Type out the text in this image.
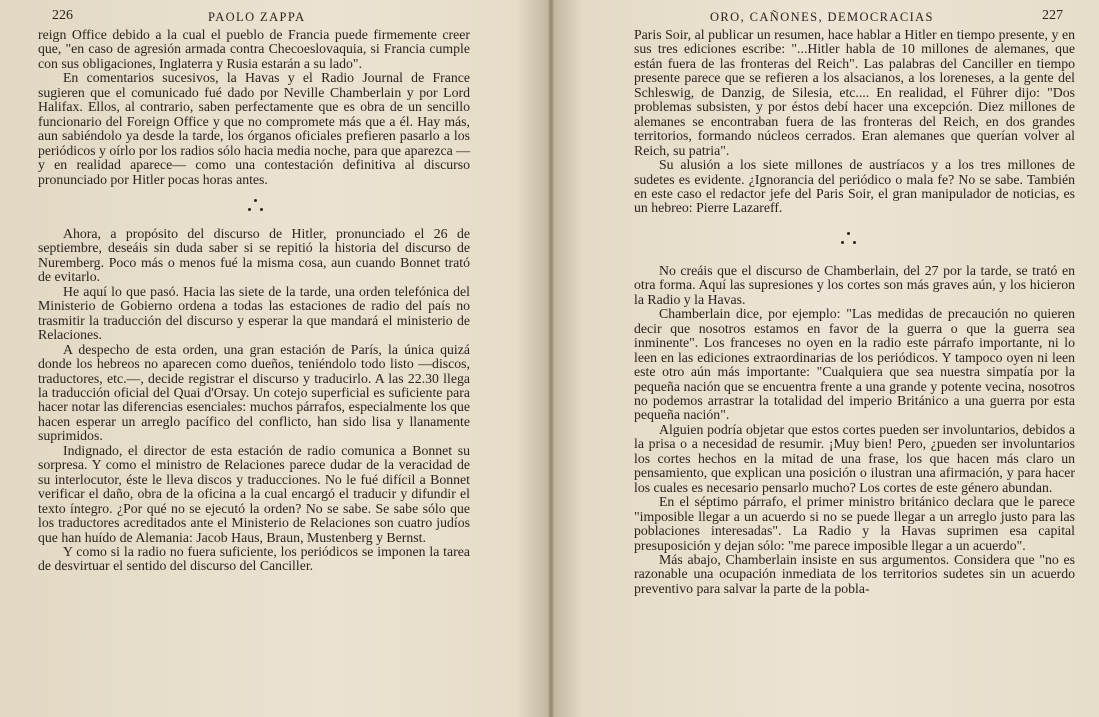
226	PAOLO ZAPPA

reign Office debido a la cual el pueblo de Francia puede firmemente creer que, "en caso de agresión armada contra Checoeslovaquia, si Francia cumple con sus obligaciones, Inglaterra y Rusia estarán a su lado".

En comentarios sucesivos, la Havas y el Radio Journal de France sugieren que el comunicado fué dado por Neville Chamberlain y por Lord Halifax. Ellos, al contrario, saben perfectamente que es obra de un sencillo funcionario del Foreign Office y que no compromete más que a él. Hay más, aun sabiéndolo ya desde la tarde, los órganos oficiales prefieren pasarlo a los periódicos y oírlo por los radios sólo hacia media noche, para que aparezca —y en realidad aparece— como una contestación definitiva al discurso pronunciado por Hitler pocas horas antes.

Ahora, a propósito del discurso de Hitler, pronunciado el 26 de septiembre, deseáis sin duda saber si se repitió la historia del discurso de Nuremberg. Poco más o menos fué la misma cosa, aun cuando Bonnet trató de evitarlo.

He aquí lo que pasó. Hacia las siete de la tarde, una orden telefónica del Ministerio de Gobierno ordena a todas las estaciones de radio del país no trasmitir la traducción del discurso y esperar la que mandará el ministerio de Relaciones.

A despecho de esta orden, una gran estación de París, la única quizá donde los hebreos no aparecen como dueños, teniéndolo todo listo —discos, traductores, etc.—, decide registrar el discurso y traducirlo. A las 22.30 llega la traducción oficial del Quai d'Orsay. Un cotejo superficial es suficiente para hacer notar las diferencias esenciales: muchos párrafos, especialmente los que hacen esperar un arreglo pacífico del conflicto, han sido lisa y llanamente suprimidos.

Indignado, el director de esta estación de radio comunica a Bonnet su sorpresa. Y como el ministro de Relaciones parece dudar de la veracidad de su interlocutor, éste le lleva discos y traducciones. No le fué difícil a Bonnet verificar el daño, obra de la oficina a la cual encargó el traducir y difundir el texto íntegro. ¿Por qué no se ejecutó la orden? No se sabe. Se sabe sólo que los traductores acreditados ante el Ministerio de Relaciones son cuatro judíos que han huído de Alemania: Jacob Haus, Braun, Mustenberg y Bernst.

Y como si la radio no fuera suficiente, los periódicos se imponen la tarea de desvirtuar el sentido del discurso del Canciller.

ORO, CAÑONES, DEMOCRACIAS	227

Paris Soir, al publicar un resumen, hace hablar a Hitler en tiempo presente, y en sus tres ediciones escribe: "...Hitler habla de 10 millones de alemanes, que están fuera de las fronteras del Reich". Las palabras del Canciller en tiempo presente parece que se refieren a los alsacianos, a los loreneses, a la gente del Schleswig, de Danzig, de Silesia, etc.... En realidad, el Führer dijo: "Dos problemas subsisten, y por éstos debí hacer una excepción. Diez millones de alemanes se encontraban fuera de las fronteras del Reich, en dos grandes territorios, formando núcleos cerrados. Eran alemanes que querían volver al Reich, su patria".

Su alusión a los siete millones de austríacos y a los tres millones de sudetes es evidente. ¿Ignorancia del periódico o mala fe? No se sabe. También en este caso el redactor jefe del Paris Soir, el gran manipulador de noticias, es un hebreo: Pierre Lazareff.

No creáis que el discurso de Chamberlain, del 27 por la tarde, se trató en otra forma. Aquí las supresiones y los cortes son más graves aún, y los hicieron la Radio y la Havas.

Chamberlain dice, por ejemplo: "Las medidas de precaución no quieren decir que nosotros estamos en favor de la guerra o que la guerra sea inminente". Los franceses no oyen en la radio este párrafo importante, ni lo leen en las ediciones extraordinarias de los periódicos. Y tampoco oyen ni leen este otro aún más importante: "Cualquiera que sea nuestra simpatía por la pequeña nación que se encuentra frente a una grande y potente vecina, nosotros no podemos arrastrar la totalidad del imperio Británico a una guerra por esta pequeña nación".

Alguien podría objetar que estos cortes pueden ser involuntarios, debidos a la prisa o a necesidad de resumir. ¡Muy bien! Pero, ¿pueden ser involuntarios los cortes hechos en la mitad de una frase, los que hacen más claro un pensamiento, que explican una posición o ilustran una afirmación, y para hacer los cuales es necesario pensarlo mucho? Los cortes de este género abundan.

En el séptimo párrafo, el primer ministro británico declara que le parece "imposible llegar a un acuerdo si no se puede llegar a un arreglo justo para las poblaciones interesadas". La Radio y la Havas suprimen esa capital presuposición y dejan sólo: "me parece imposible llegar a un acuerdo".

Más abajo, Chamberlain insiste en sus argumentos. Considera que "no es razonable una ocupación inmediata de los territorios sudetes sin un acuerdo preventivo para salvar la parte de la pobla-
